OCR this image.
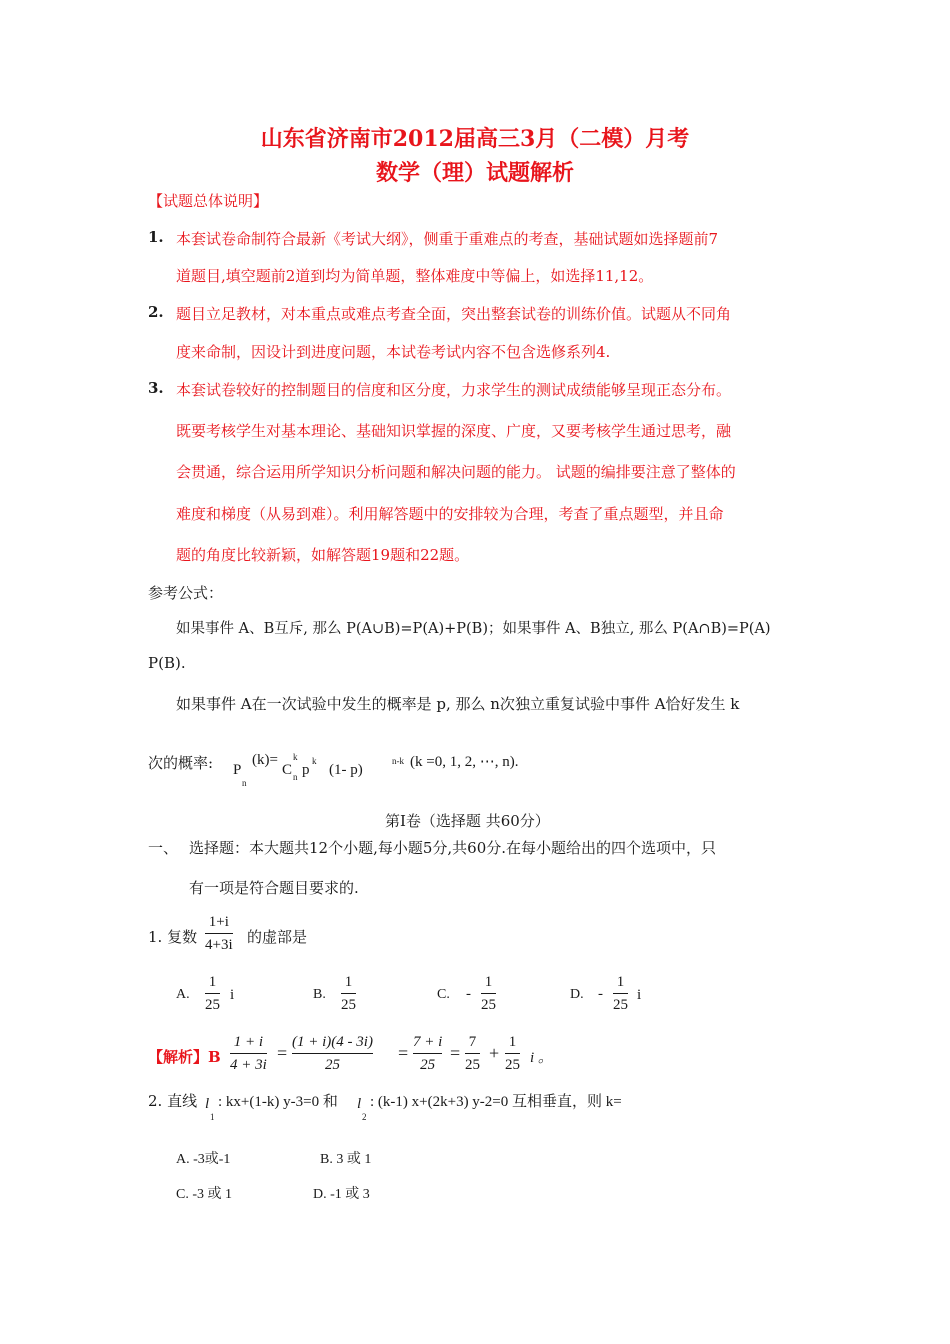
山东省济南市2012届高三3月（二模）月考
数学（理）试题解析
【试题总体说明】
1. 本套试卷命制符合最新《考试大纲》，侧重于重难点的考查，基础试题如选择题前7
道题目,填空题前2道到均为简单题，整体难度中等偏上，如选择11,12。
2. 题目立足教材，对本重点或难点考查全面，突出整套试卷的训练价值。试题从不同角
度来命制，因设计到进度问题，本试卷考试内容不包含选修系列4.
3. 本套试卷较好的控制题目的信度和区分度，力求学生的测试成绩能够呈现正态分布。
既要考核学生对基本理论、基础知识掌握的深度、广度，又要考核学生通过思考，融
会贯通，综合运用所学知识分析问题和解决问题的能力。 试题的编排要注意了整体的
难度和梯度（从易到难）。利用解答题中的安排较为合理，考查了重点题型，并且命
题的角度比较新颖，如解答题19题和22题。
参考公式：
如果事件 A、B互斥, 那么 P(A∪B)=P(A)+P(B)；如果事件 A、B独立, 那么 P(A∩B)=P(A)
P(B).
如果事件 A在一次试验中发生的概率是 p, 那么 n次独立重复试验中事件 A恰好发生 k
次的概率: P
n
(k)=
C
k
n p
k
(1- p)
n-k (k =0, 1, 2, ⋯, n).
第Ⅰ卷（选择题 共60分）
一、 选择题：本大题共12个小题,每小题5分,共60分.在每小题给出的四个选项中，只
有一项是符合题目要求的.
1. 复数
1+i
4+3i 的虚部是
A.
1
25
i	B.
1
25
C. -
1
25
D. -
1
25
i
【解析】B
1 + i
4 + 3i
=
(1 + i)(4 - 3i)
25
=
7 + i
25
=
7
25
+
1
25 i 。
2. 直线 l
1
: kx+(1-k) y-3=0 和 l
2
: (k-1) x+(2k+3) y-2=0 互相垂直，则 k=
A. -3或-1	B. 3 或 1
C. -3 或 1	D. -1 或 3
